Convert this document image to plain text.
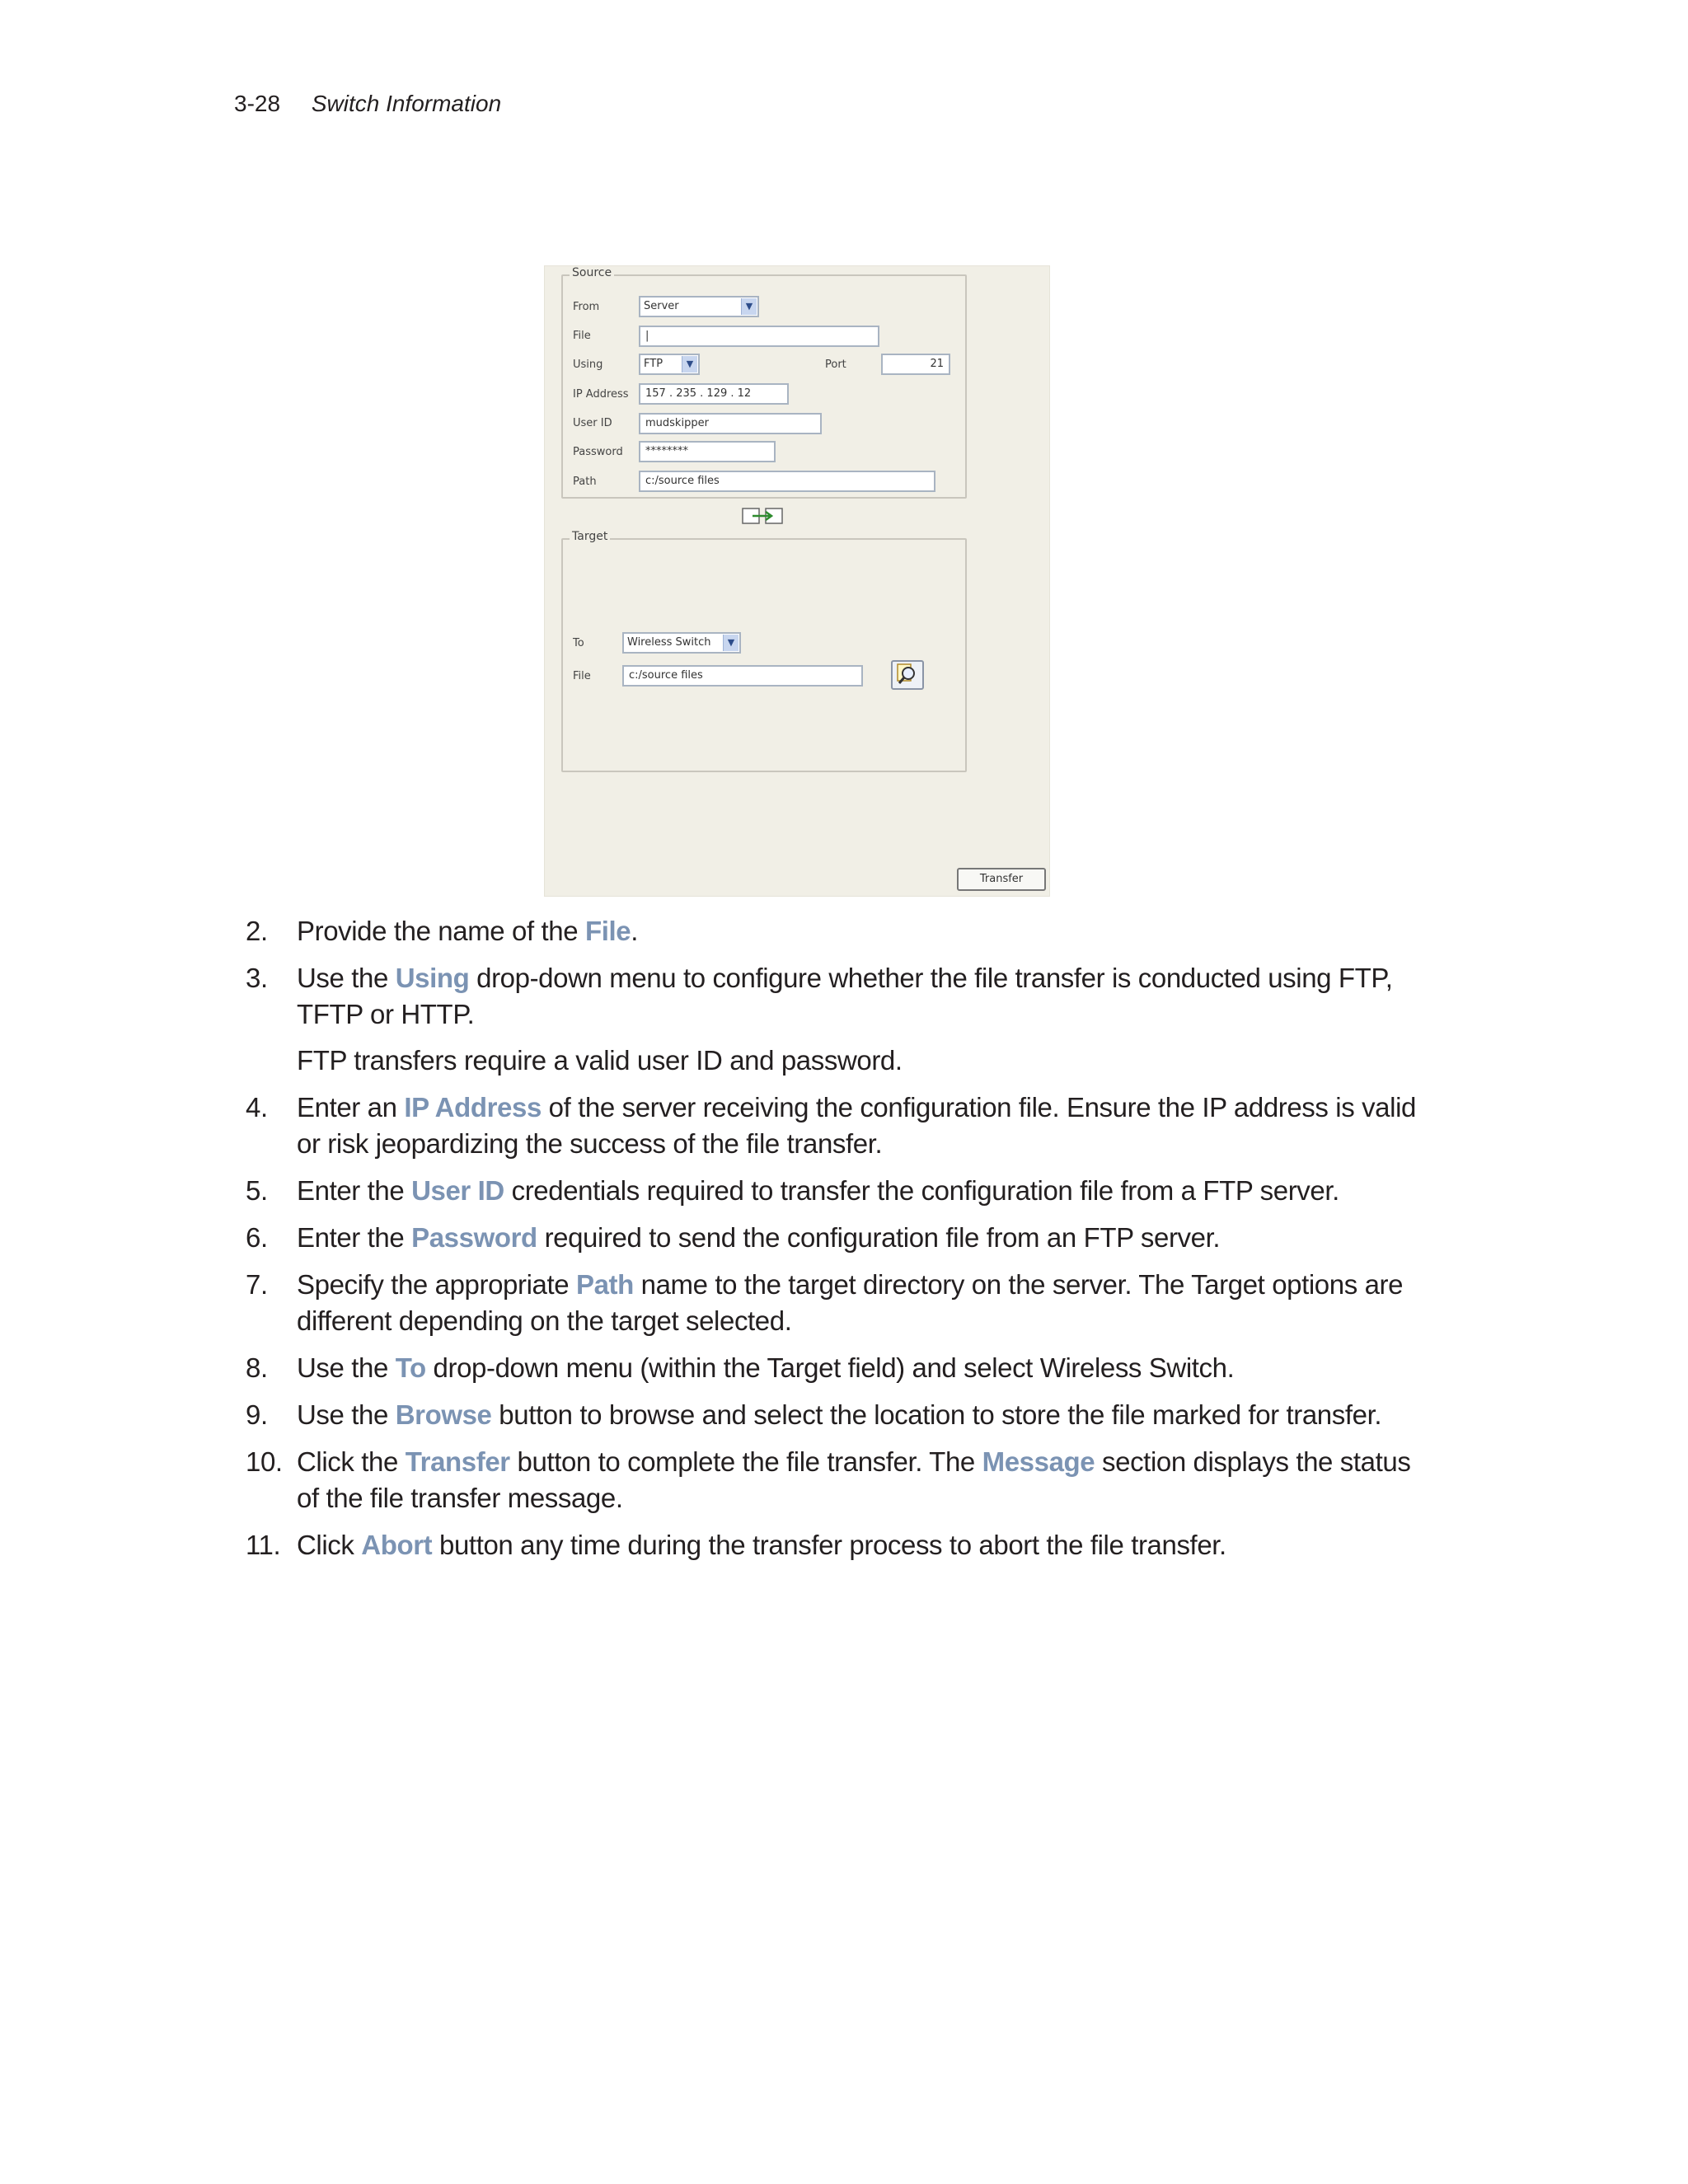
3-28 Switch Information
Source
From	Server	▼
File	|
Using	FTP	▼	Port	21
IP Address	157 . 235 . 129 . 12
User ID	mudskipper
Password	********
Path	c:/source files
Target
To	Wireless Switch	▼
File	c:/source files
Transfer
2. Provide the name of the File.
3. Use the Using drop-down menu to configure whether the file transfer is conducted using FTP, TFTP or HTTP.
FTP transfers require a valid user ID and password.
4. Enter an IP Address of the server receiving the configuration file. Ensure the IP address is valid or risk jeopardizing the success of the file transfer.
5. Enter the User ID credentials required to transfer the configuration file from a FTP server.
6. Enter the Password required to send the configuration file from an FTP server.
7. Specify the appropriate Path name to the target directory on the server. The Target options are different depending on the target selected.
8. Use the To drop-down menu (within the Target field) and select Wireless Switch.
9. Use the Browse button to browse and select the location to store the file marked for transfer.
10. Click the Transfer button to complete the file transfer. The Message section displays the status of the file transfer message.
11. Click Abort button any time during the transfer process to abort the file transfer.
